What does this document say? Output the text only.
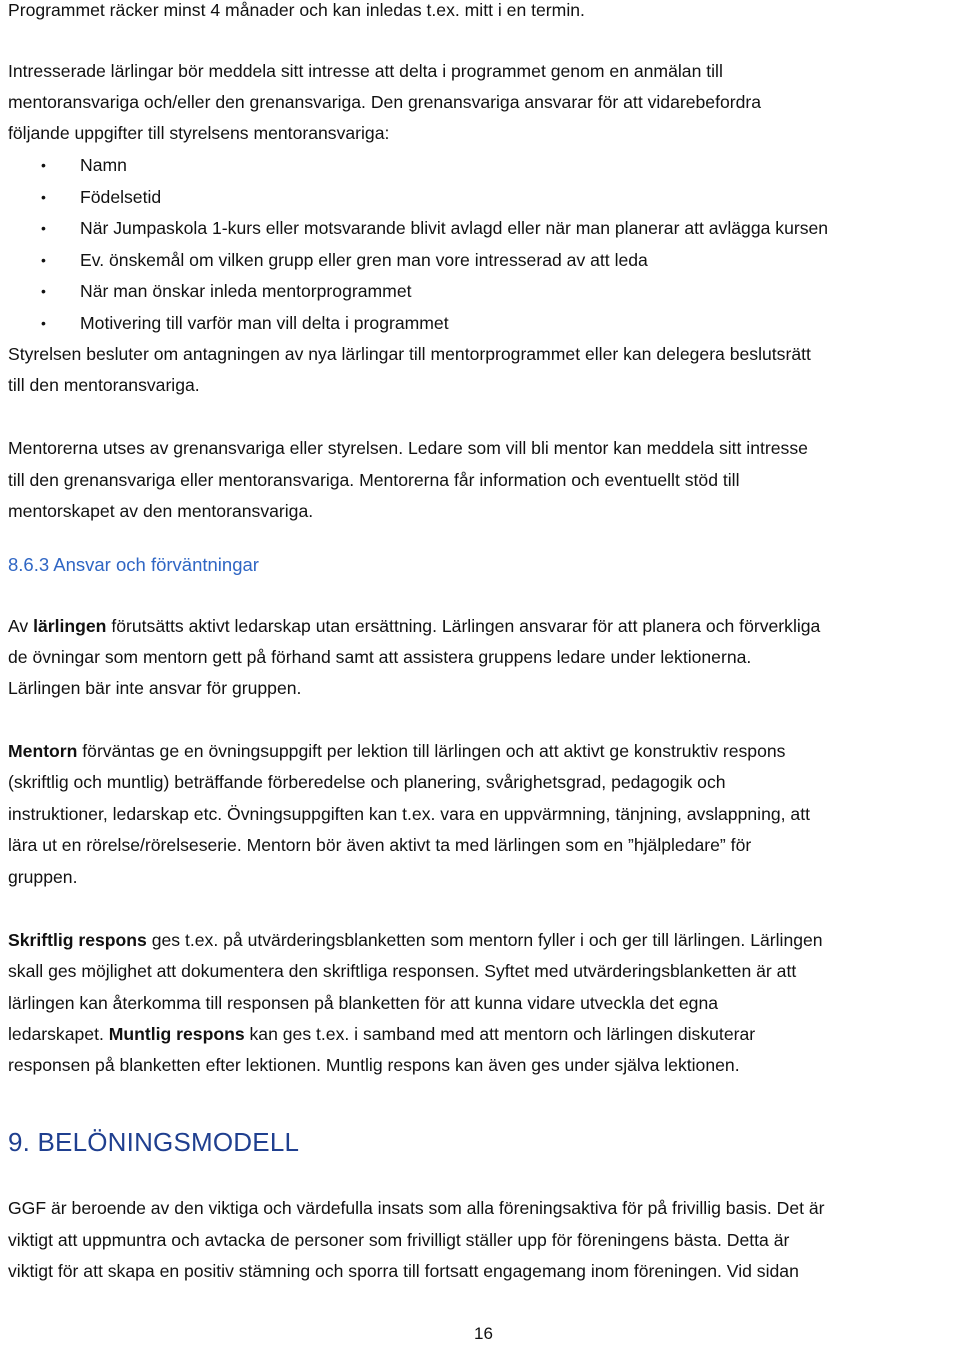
Programmet räcker minst 4 månader och kan inledas t.ex. mitt i en termin.
Intresserade lärlingar bör meddela sitt intresse att delta i programmet genom en anmälan till
mentoransvariga och/eller den grenansvariga. Den grenansvariga ansvarar för att vidarebefordra
följande uppgifter till styrelsens mentoransvariga:
• Namn
• Födelsetid
• När Jumpaskola 1-kurs eller motsvarande blivit avlagd eller när man planerar att avlägga kursen
• Ev. önskemål om vilken grupp eller gren man vore intresserad av att leda
• När man önskar inleda mentorprogrammet
• Motivering till varför man vill delta i programmet
Styrelsen besluter om antagningen av nya lärlingar till mentorprogrammet eller kan delegera beslutsrätt
till den mentoransvariga.
Mentorerna utses av grenansvariga eller styrelsen. Ledare som vill bli mentor kan meddela sitt intresse
till den grenansvariga eller mentoransvariga. Mentorerna får information och eventuellt stöd till
mentorskapet av den mentoransvariga.
8.6.3 Ansvar och förväntningar
Av lärlingen förutsätts aktivt ledarskap utan ersättning. Lärlingen ansvarar för att planera och förverkliga
de övningar som mentorn gett på förhand samt att assistera gruppens ledare under lektionerna.
Lärlingen bär inte ansvar för gruppen.
Mentorn förväntas ge en övningsuppgift per lektion till lärlingen och att aktivt ge konstruktiv respons
(skriftlig och muntlig) beträffande förberedelse och planering, svårighetsgrad, pedagogik och
instruktioner, ledarskap etc. Övningsuppgiften kan t.ex. vara en uppvärmning, tänjning, avslappning, att
lära ut en rörelse/rörelseserie. Mentorn bör även aktivt ta med lärlingen som en ”hjälpledare” för
gruppen.
Skriftlig respons ges t.ex. på utvärderingsblanketten som mentorn fyller i och ger till lärlingen. Lärlingen
skall ges möjlighet att dokumentera den skriftliga responsen. Syftet med utvärderingsblanketten är att
lärlingen kan återkomma till responsen på blanketten för att kunna vidare utveckla det egna
ledarskapet. Muntlig respons kan ges t.ex. i samband med att mentorn och lärlingen diskuterar
responsen på blanketten efter lektionen. Muntlig respons kan även ges under själva lektionen.
9. BELÖNINGSMODELL
GGF är beroende av den viktiga och värdefulla insats som alla föreningsaktiva för på frivillig basis. Det är
viktigt att uppmuntra och avtacka de personer som frivilligt ställer upp för föreningens bästa. Detta är
viktigt för att skapa en positiv stämning och sporra till fortsatt engagemang inom föreningen. Vid sidan
16
